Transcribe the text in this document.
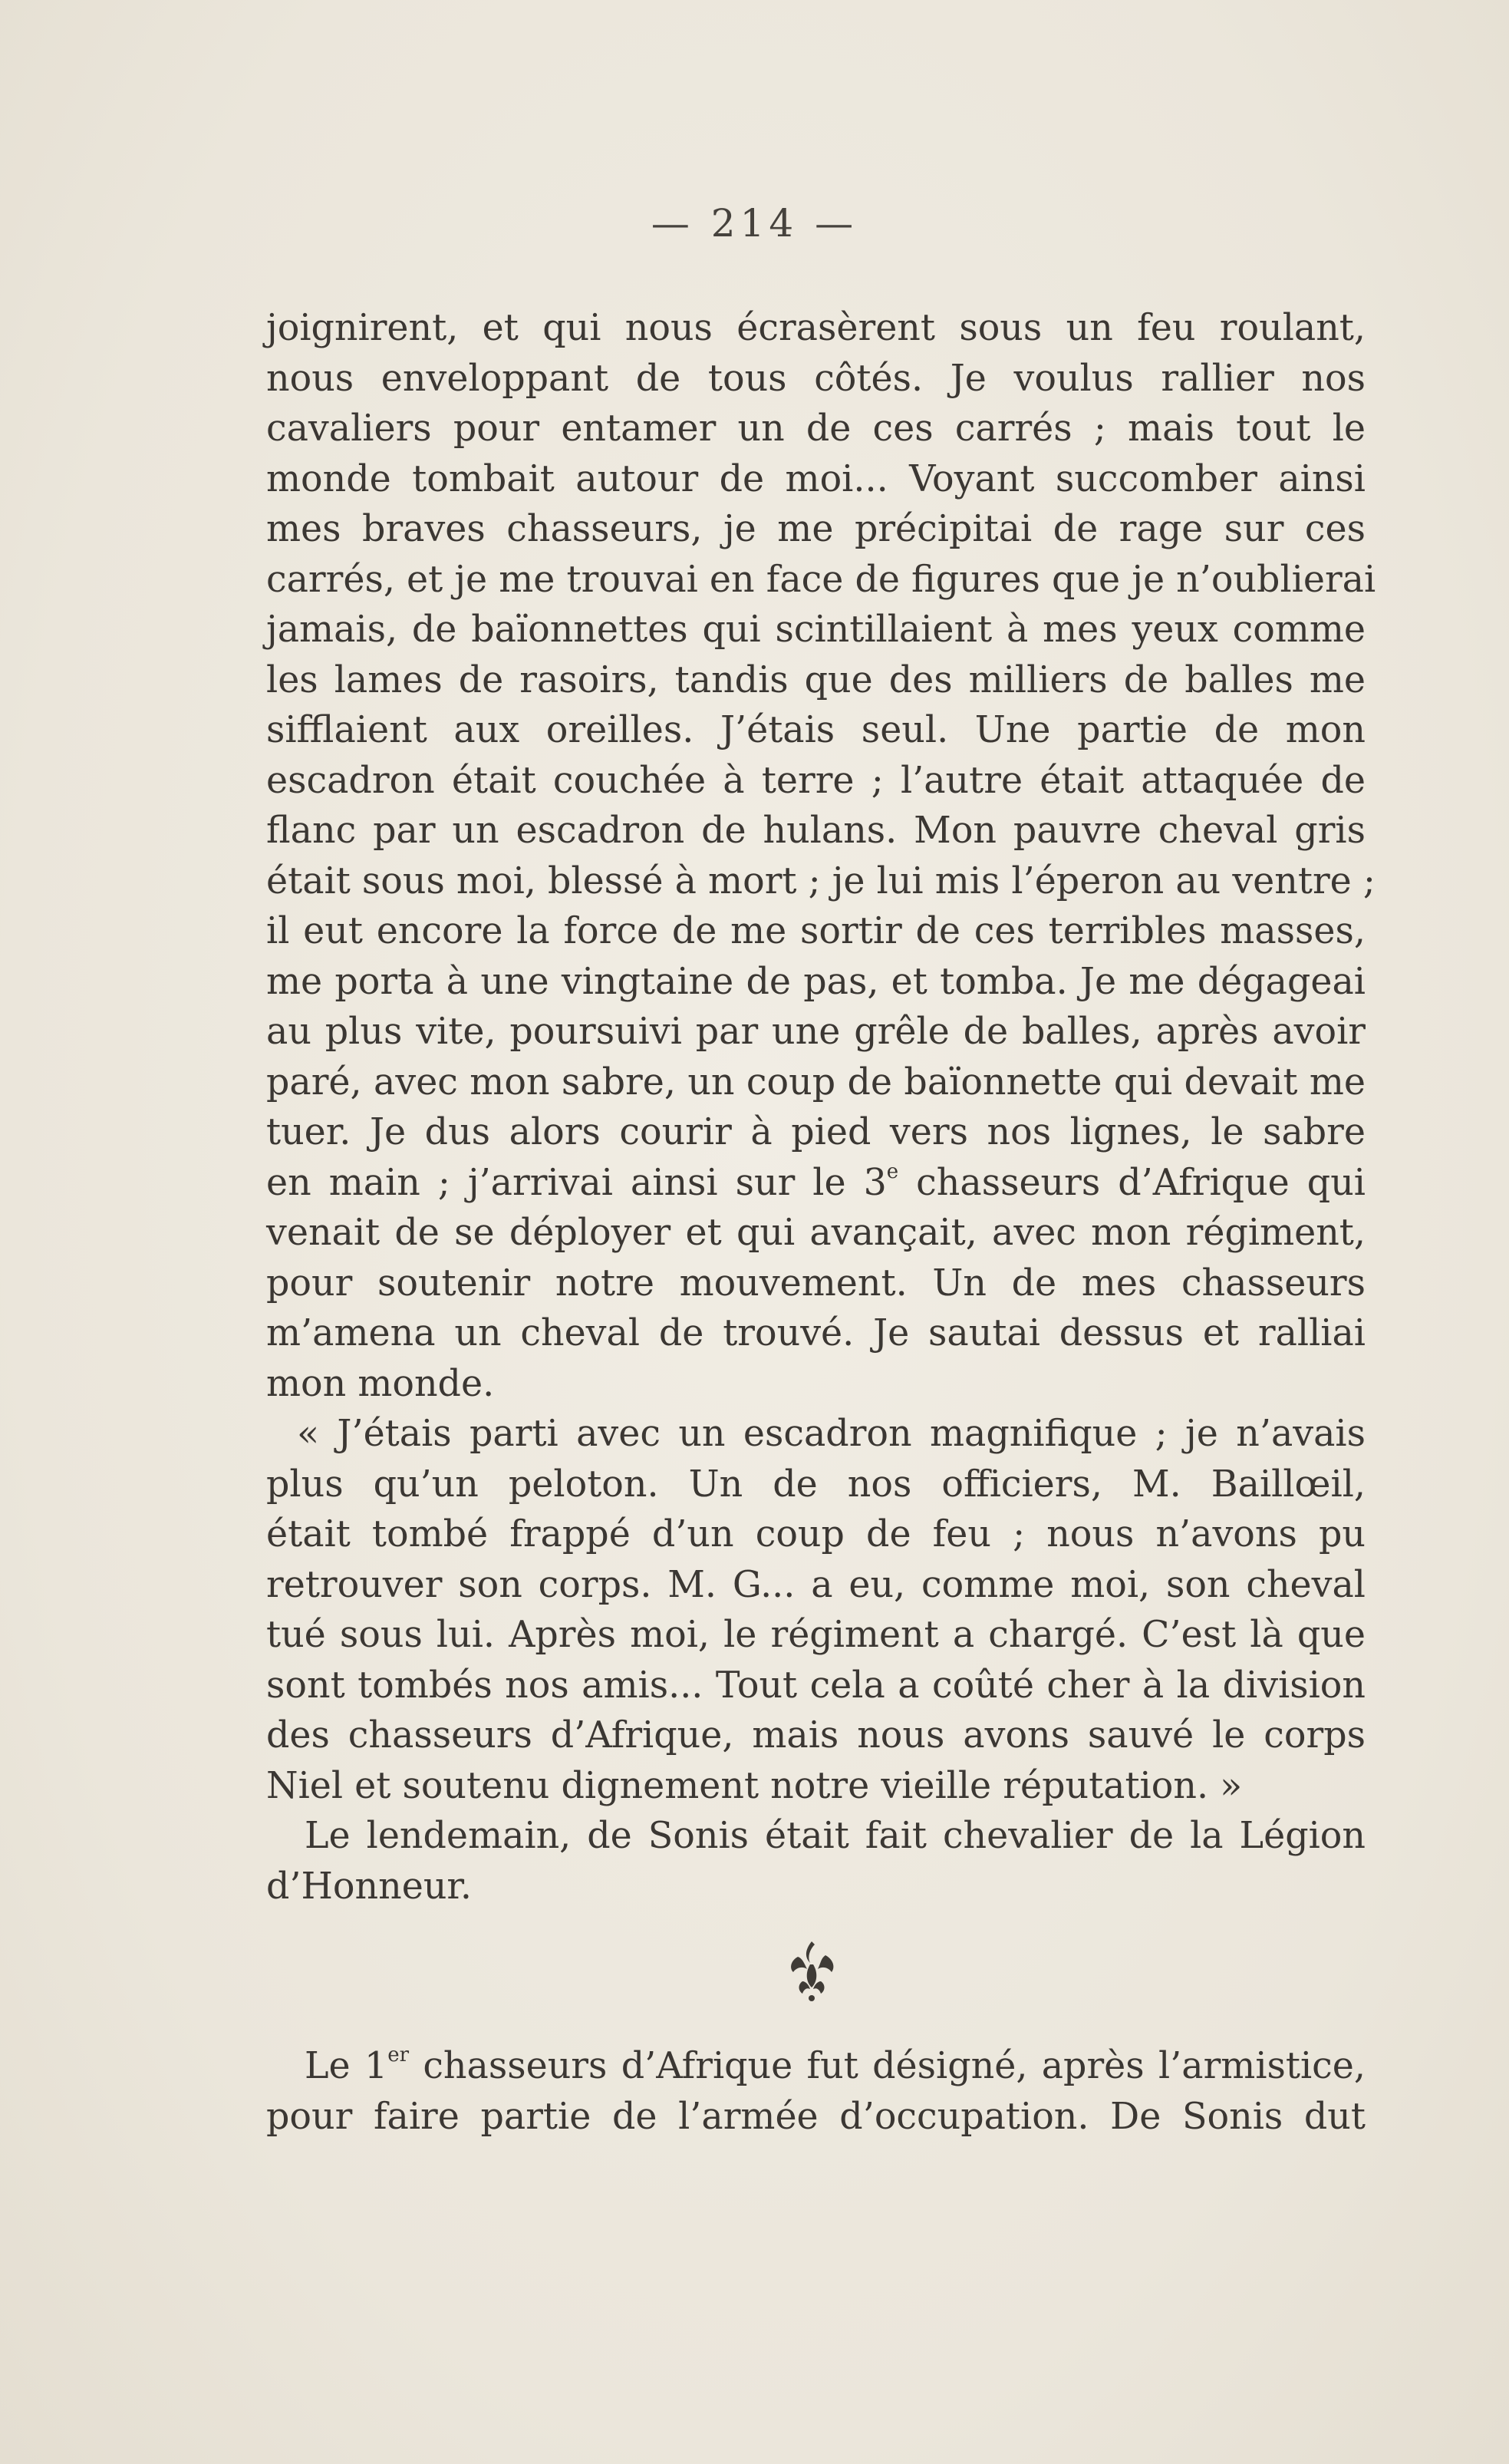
— 214 —
joignirent, et qui nous écrasèrent sous un feu roulant,
nous enveloppant de tous côtés. Je voulus rallier nos
cavaliers pour entamer un de ces carrés ; mais tout le
monde tombait autour de moi... Voyant succomber ainsi
mes braves chasseurs, je me précipitai de rage sur ces
carrés, et je me trouvai en face de figures que je n’oublierai
jamais, de baïonnettes qui scintillaient à mes yeux comme
les lames de rasoirs, tandis que des milliers de balles me
sifflaient aux oreilles. J’étais seul. Une partie de mon
escadron était couchée à terre ; l’autre était attaquée de
flanc par un escadron de hulans. Mon pauvre cheval gris
était sous moi, blessé à mort ; je lui mis l’éperon au ventre ;
il eut encore la force de me sortir de ces terribles masses,
me porta à une vingtaine de pas, et tomba. Je me dégageai
au plus vite, poursuivi par une grêle de balles, après avoir
paré, avec mon sabre, un coup de baïonnette qui devait me
tuer. Je dus alors courir à pied vers nos lignes, le sabre
en main ; j’arrivai ainsi sur le 3e chasseurs d’Afrique qui
venait de se déployer et qui avançait, avec mon régiment,
pour soutenir notre mouvement. Un de mes chasseurs
m’amena un cheval de trouvé. Je sautai dessus et ralliai
mon monde.
« J’étais parti avec un escadron magnifique ; je n’avais
plus qu’un peloton. Un de nos officiers, M. Baillœil,
était tombé frappé d’un coup de feu ; nous n’avons pu
retrouver son corps. M. G... a eu, comme moi, son cheval
tué sous lui. Après moi, le régiment a chargé. C’est là que
sont tombés nos amis... Tout cela a coûté cher à la division
des chasseurs d’Afrique, mais nous avons sauvé le corps
Niel et soutenu dignement notre vieille réputation. »
Le lendemain, de Sonis était fait chevalier de la Légion
d’Honneur.
Le 1er chasseurs d’Afrique fut désigné, après l’armistice,
pour faire partie de l’armée d’occupation. De Sonis dut
